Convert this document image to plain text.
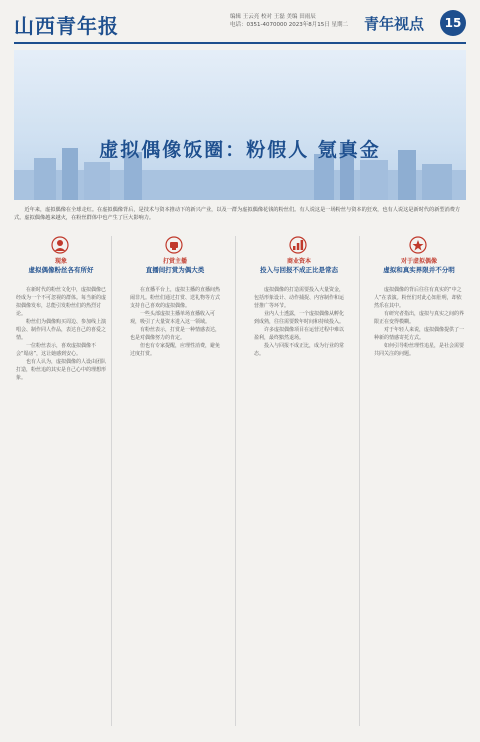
山西青年报	编辑 王云亮 校对 王磊 美编 田雨辰
电话：0351-4070000 2023年8月15日 星期二 青年视点	15
虚拟偶像饭圈：粉假人 氪真金
近年来，虚拟偶像在全球走红。在虚拟偶像背后，是技术与资本推动下的新兴产业，以及一群为虚拟偶像花钱的粉丝们。有人说这是一场粉丝与资本的狂欢，也有人说这是新时代的新型消费方式。虚拟偶像越来越火，在粉丝群体中也产生了巨大影响力。
现象
虚拟偶像粉丝各有所好

在新时代的粉丝文化中，虚拟偶像已经成为一个不可忽视的群体。每当新的虚拟偶像发布，总能引发粉丝们的热烈讨论。

粉丝们为偶像购买周边、参加线上演唱会、制作同人作品，表达自己的喜爱之情。

一位粉丝表示，喜欢虚拟偶像不会“塌房”，这让她感到安心。

也有人认为，虚拟偶像的人设由团队打造，粉丝追的其实是自己心中的理想形象。

打赏主播
直播间打赏为偶大类

在直播平台上，虚拟主播的直播间热闹非凡。粉丝们通过打赏、送礼物等方式支持自己喜欢的虚拟偶像。

一些头部虚拟主播单场直播收入可观，吸引了大量资本进入这一领域。

有粉丝表示，打赏是一种情感表达，也是对偶像努力的肯定。

但也有专家提醒，应理性消费，避免过度打赏。

商业资本
投入与回报不成正比是常态

虚拟偶像的打造需要投入大量资金，包括形象设计、动作捕捉、内容制作和运营推广等环节。

业内人士透露，一个虚拟偶像从孵化到成熟，往往需要数年时间和持续投入。

许多虚拟偶像项目在运营过程中难以盈利，最终黯然退场。

投入与回报不成正比，成为行业的常态。

对于虚拟偶像
虚拟和真实界限并不分明

虚拟偶像的背后往往有真实的“中之人”在表演。粉丝们对此心知肚明，却依然乐在其中。

有研究者指出，虚拟与真实之间的界限正在变得模糊。

对于年轻人来说，虚拟偶像提供了一种新的情感寄托方式。

如何引导粉丝理性追星，是社会需要共同关注的问题。
